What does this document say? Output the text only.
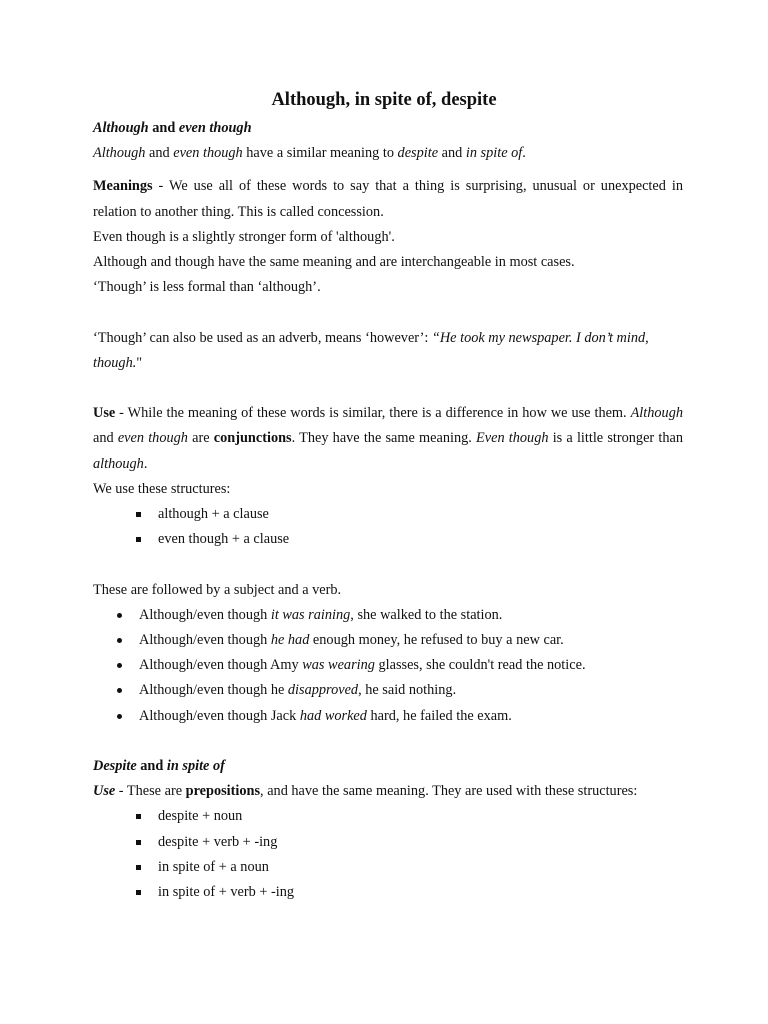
Although, in spite of, despite

Although and even though

Although and even though have a similar meaning to despite and in spite of.

Meanings - We use all of these words to say that a thing is surprising, unusual or unexpected in relation to another thing. This is called concession.

Even though is a slightly stronger form of 'although'.

Although and though have the same meaning and are interchangeable in most cases.

‘Though’ is less formal than ‘although’.

‘Though’ can also be used as an adverb, means ‘however’: “He took my newspaper. I don’t mind, though."

Use - While the meaning of these words is similar, there is a difference in how we use them. Although and even though are conjunctions. They have the same meaning. Even though is a little stronger than although.

We use these structures:

although + a clause
even though + a clause

These are followed by a subject and a verb.

Although/even though it was raining, she walked to the station.
Although/even though he had enough money, he refused to buy a new car.
Although/even though Amy was wearing glasses, she couldn't read the notice.
Although/even though he disapproved, he said nothing.
Although/even though Jack had worked hard, he failed the exam.

Despite and in spite of

Use - These are prepositions, and have the same meaning. They are used with these structures:

despite + noun
despite + verb + -ing
in spite of + a noun
in spite of + verb + -ing
